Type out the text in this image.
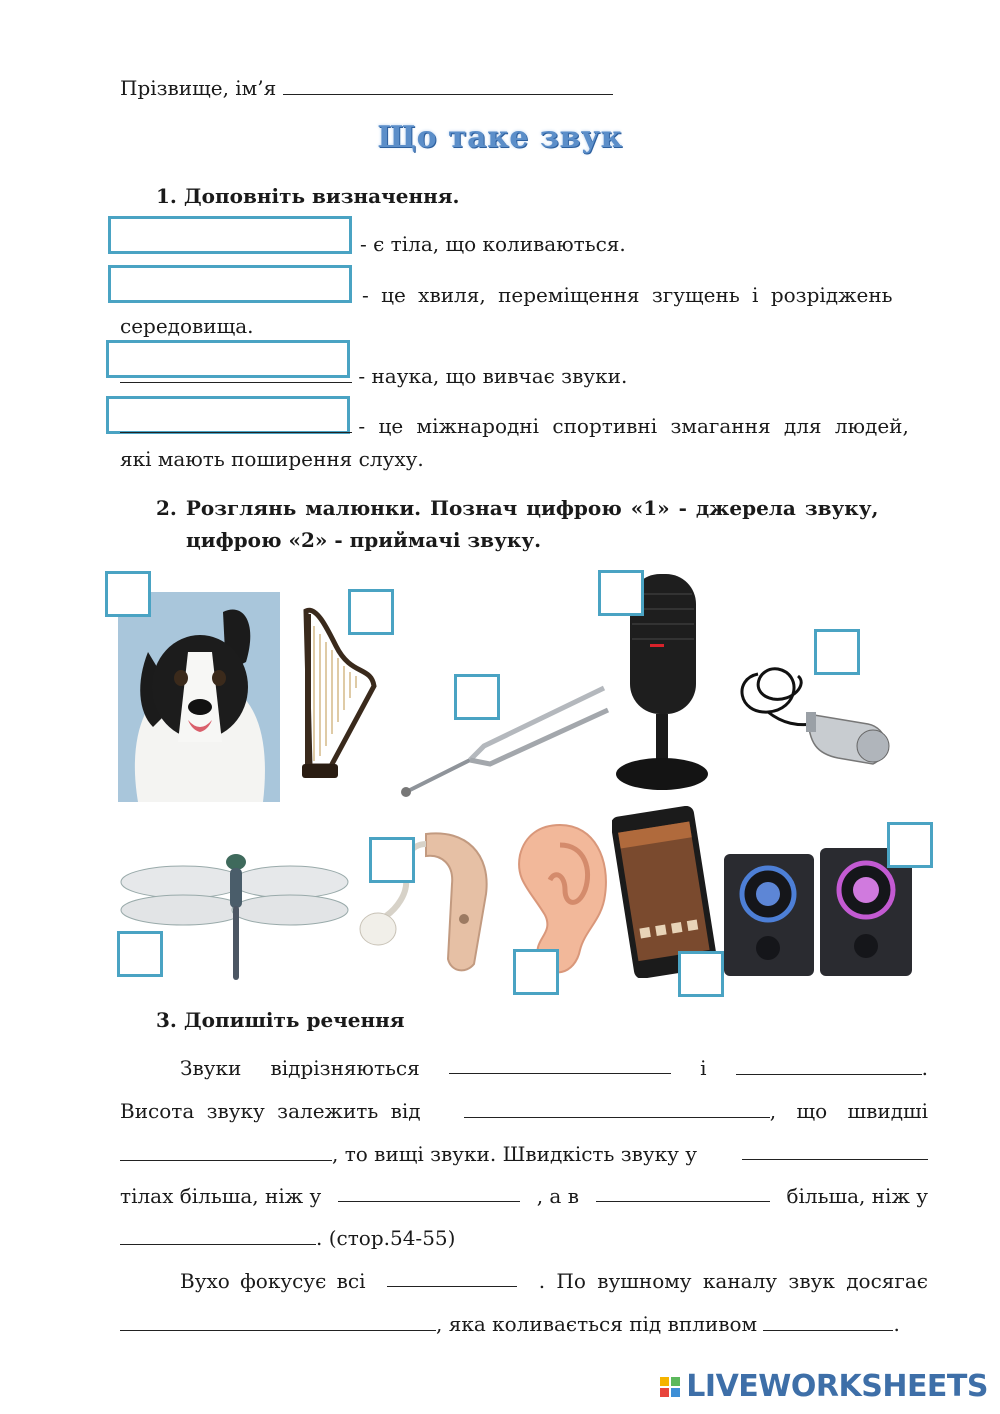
Прізвище, ім’я
Що таке звук
1. Доповніть визначення.
- є тіла, що коливаються.
- це хвиля, переміщення згущень і розріджень
середовища.
- наука, що вивчає звуки.
- це міжнародні спортивні змагання для людей,
які мають поширення слуху.
2. Розглянь малюнки. Познач цифрою «1» - джерела звуку,
цифрою «2» - приймачі звуку.
3. Допишіть речення
Звуки відрізняються	і	.
Висота звуку залежить від	, що швидші
, то вищі звуки. Швидкість звуку у
тілах більша, ніж у	, а в	більша, ніж у
. (стор.54-55)
Вухо фокусує всі	. По вушному каналу звук досягає
, яка коливається під впливом	.
LIVEWORKSHEETS
